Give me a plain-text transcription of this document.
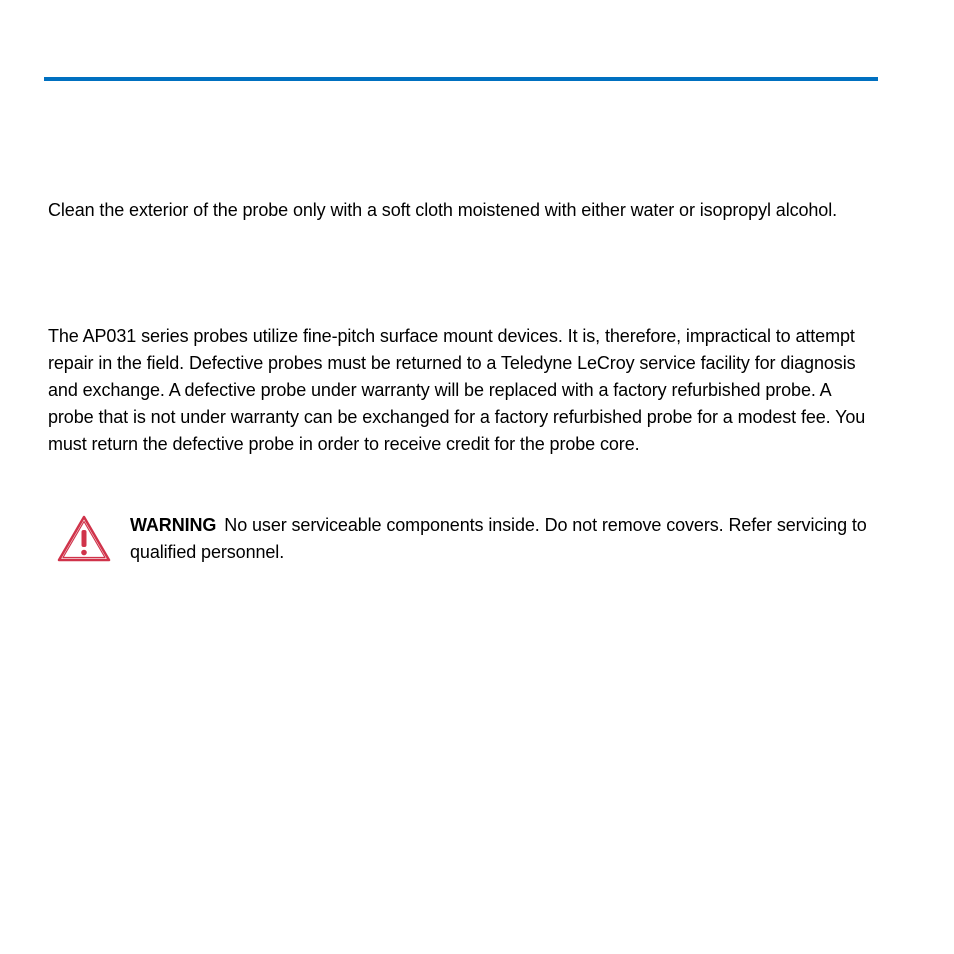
Clean the exterior of the probe only with a soft cloth moistened with either water or isopropyl alcohol.

The AP031 series probes utilize fine-pitch surface mount devices. It is, therefore, impractical to attempt repair in the field. Defective probes must be returned to a Teledyne LeCroy service facility for diagnosis and exchange. A defective probe under warranty will be replaced with a factory refurbished probe. A probe that is not under warranty can be exchanged for a factory refurbished probe for a modest fee. You must return the defective probe in order to receive credit for the probe core.

WARNING No user serviceable components inside. Do not remove covers. Refer servicing to qualified personnel.
